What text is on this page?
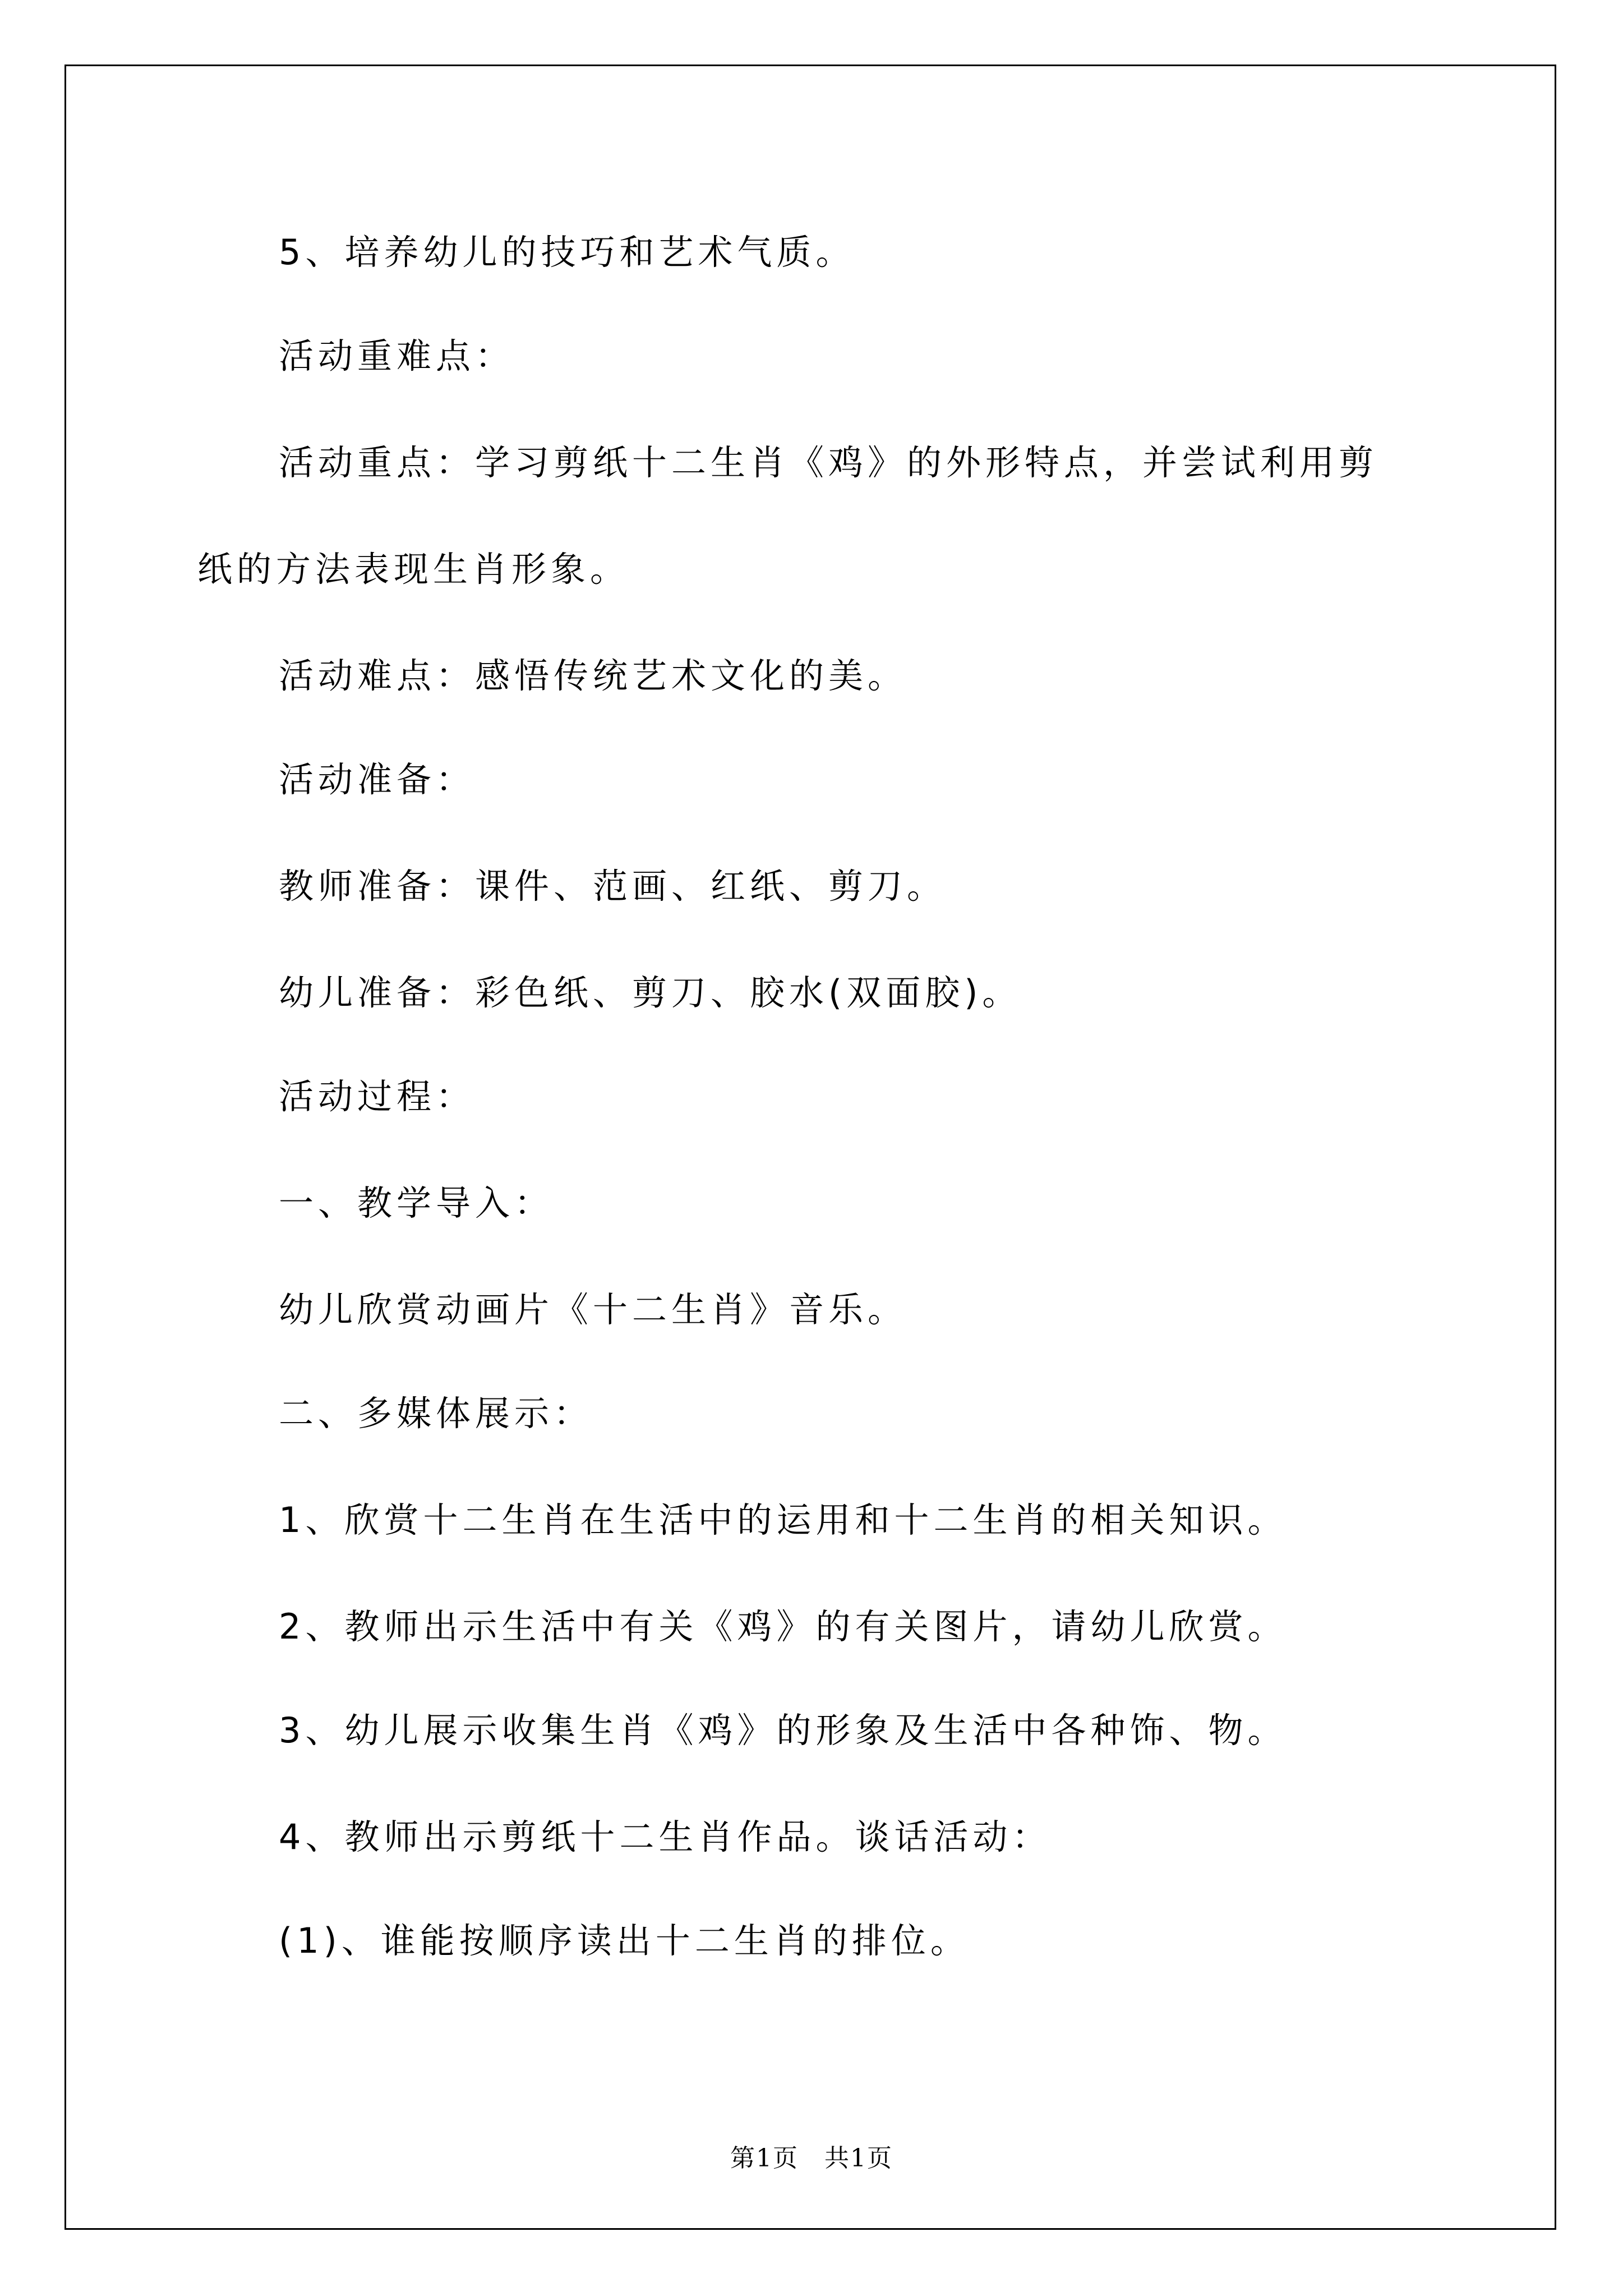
5、培养幼儿的技巧和艺术气质。
活动重难点：
活动重点：学习剪纸十二生肖《鸡》的外形特点，并尝试利用剪
纸的方法表现生肖形象。
活动难点：感悟传统艺术文化的美。
活动准备：
教师准备：课件、范画、红纸、剪刀。
幼儿准备：彩色纸、剪刀、胶水(双面胶)。
活动过程：
一、教学导入：
幼儿欣赏动画片《十二生肖》音乐。
二、多媒体展示：
1、欣赏十二生肖在生活中的运用和十二生肖的相关知识。
2、教师出示生活中有关《鸡》的有关图片，请幼儿欣赏。
3、幼儿展示收集生肖《鸡》的形象及生活中各种饰、物。
4、教师出示剪纸十二生肖作品。谈话活动：
(1)、谁能按顺序读出十二生肖的排位。
第1页　共1页
